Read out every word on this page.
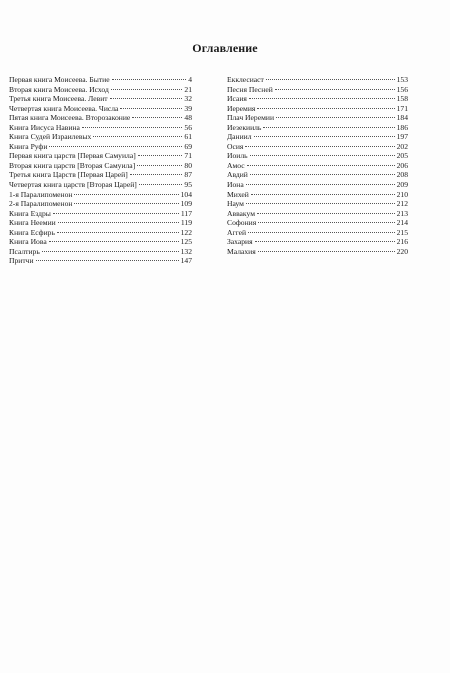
Оглавление
Первая книга Моисеева. Бытие	4
Вторая книга Моисеева. Исход	21
Третья книга Моисеева. Левит	32
Четвертая книга Моисеева. Числа	39
Пятая книга Моисеева. Второзаконие	48
Книга Иисуса Навина	56
Книга Судей Израилевых	61
Книга Руфи	69
Первая книга царств [Первая Самуила]	71
Вторая книга царств [Вторая Самуила]	80
Третья книга Царств [Первая Царей]	87
Четвертая книга царств [Вторая Царей]	95
1-я Паралипоменон	104
2-я Паралипоменон	109
Книга Ездры	117
Книга Неемии	119
Книга Есфирь	122
Книга Иова	125
Псалтирь	132
Притчи	147
Екклесиаст	153
Песня Песней	156
Исаия	158
Иеремия	171
Плач Иеремии	184
Иезекииль	186
Даниил	197
Осия	202
Иоиль	205
Амос	206
Авдий	208
Иона	209
Михей	210
Наум	212
Аввакум	213
Софония	214
Аггей	215
Захария	216
Малахия	220
